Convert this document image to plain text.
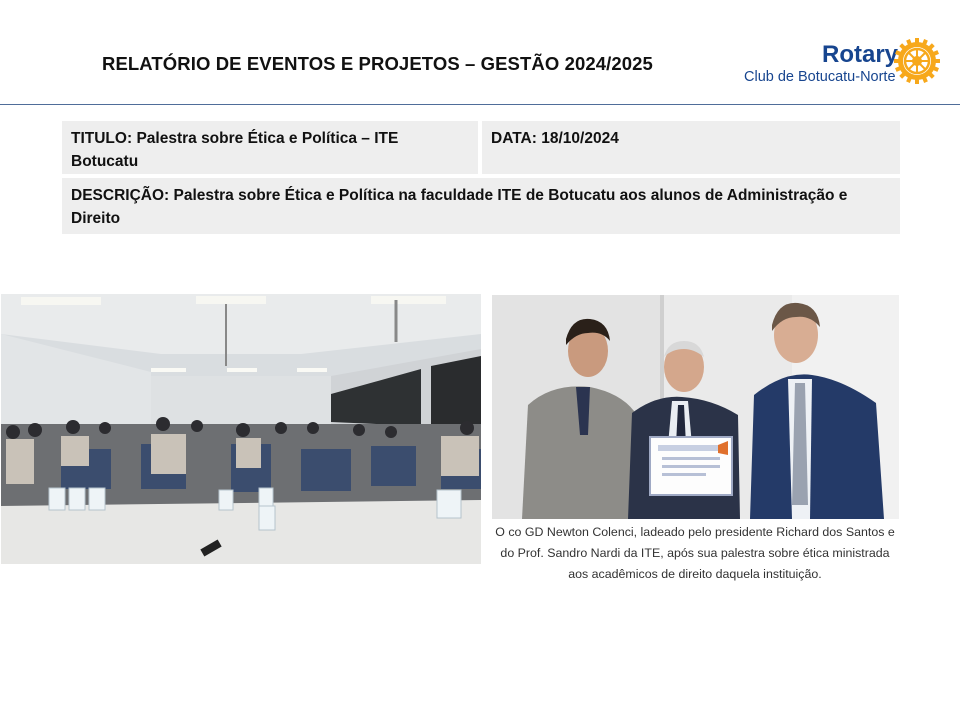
RELATÓRIO DE EVENTOS E PROJETOS – GESTÃO 2024/2025	Rotary
Club de Botucatu-Norte
TITULO: Palestra sobre Ética e Política – ITE Botucatu
DATA: 18/10/2024
DESCRIÇÃO: Palestra sobre Ética e Política na faculdade ITE de Botucatu aos alunos de Administração e Direito
O co GD Newton Colenci, ladeado pelo presidente Richard dos Santos e do Prof. Sandro Nardi da ITE, após sua palestra sobre ética ministrada aos acadêmicos de direito daquela instituição.
